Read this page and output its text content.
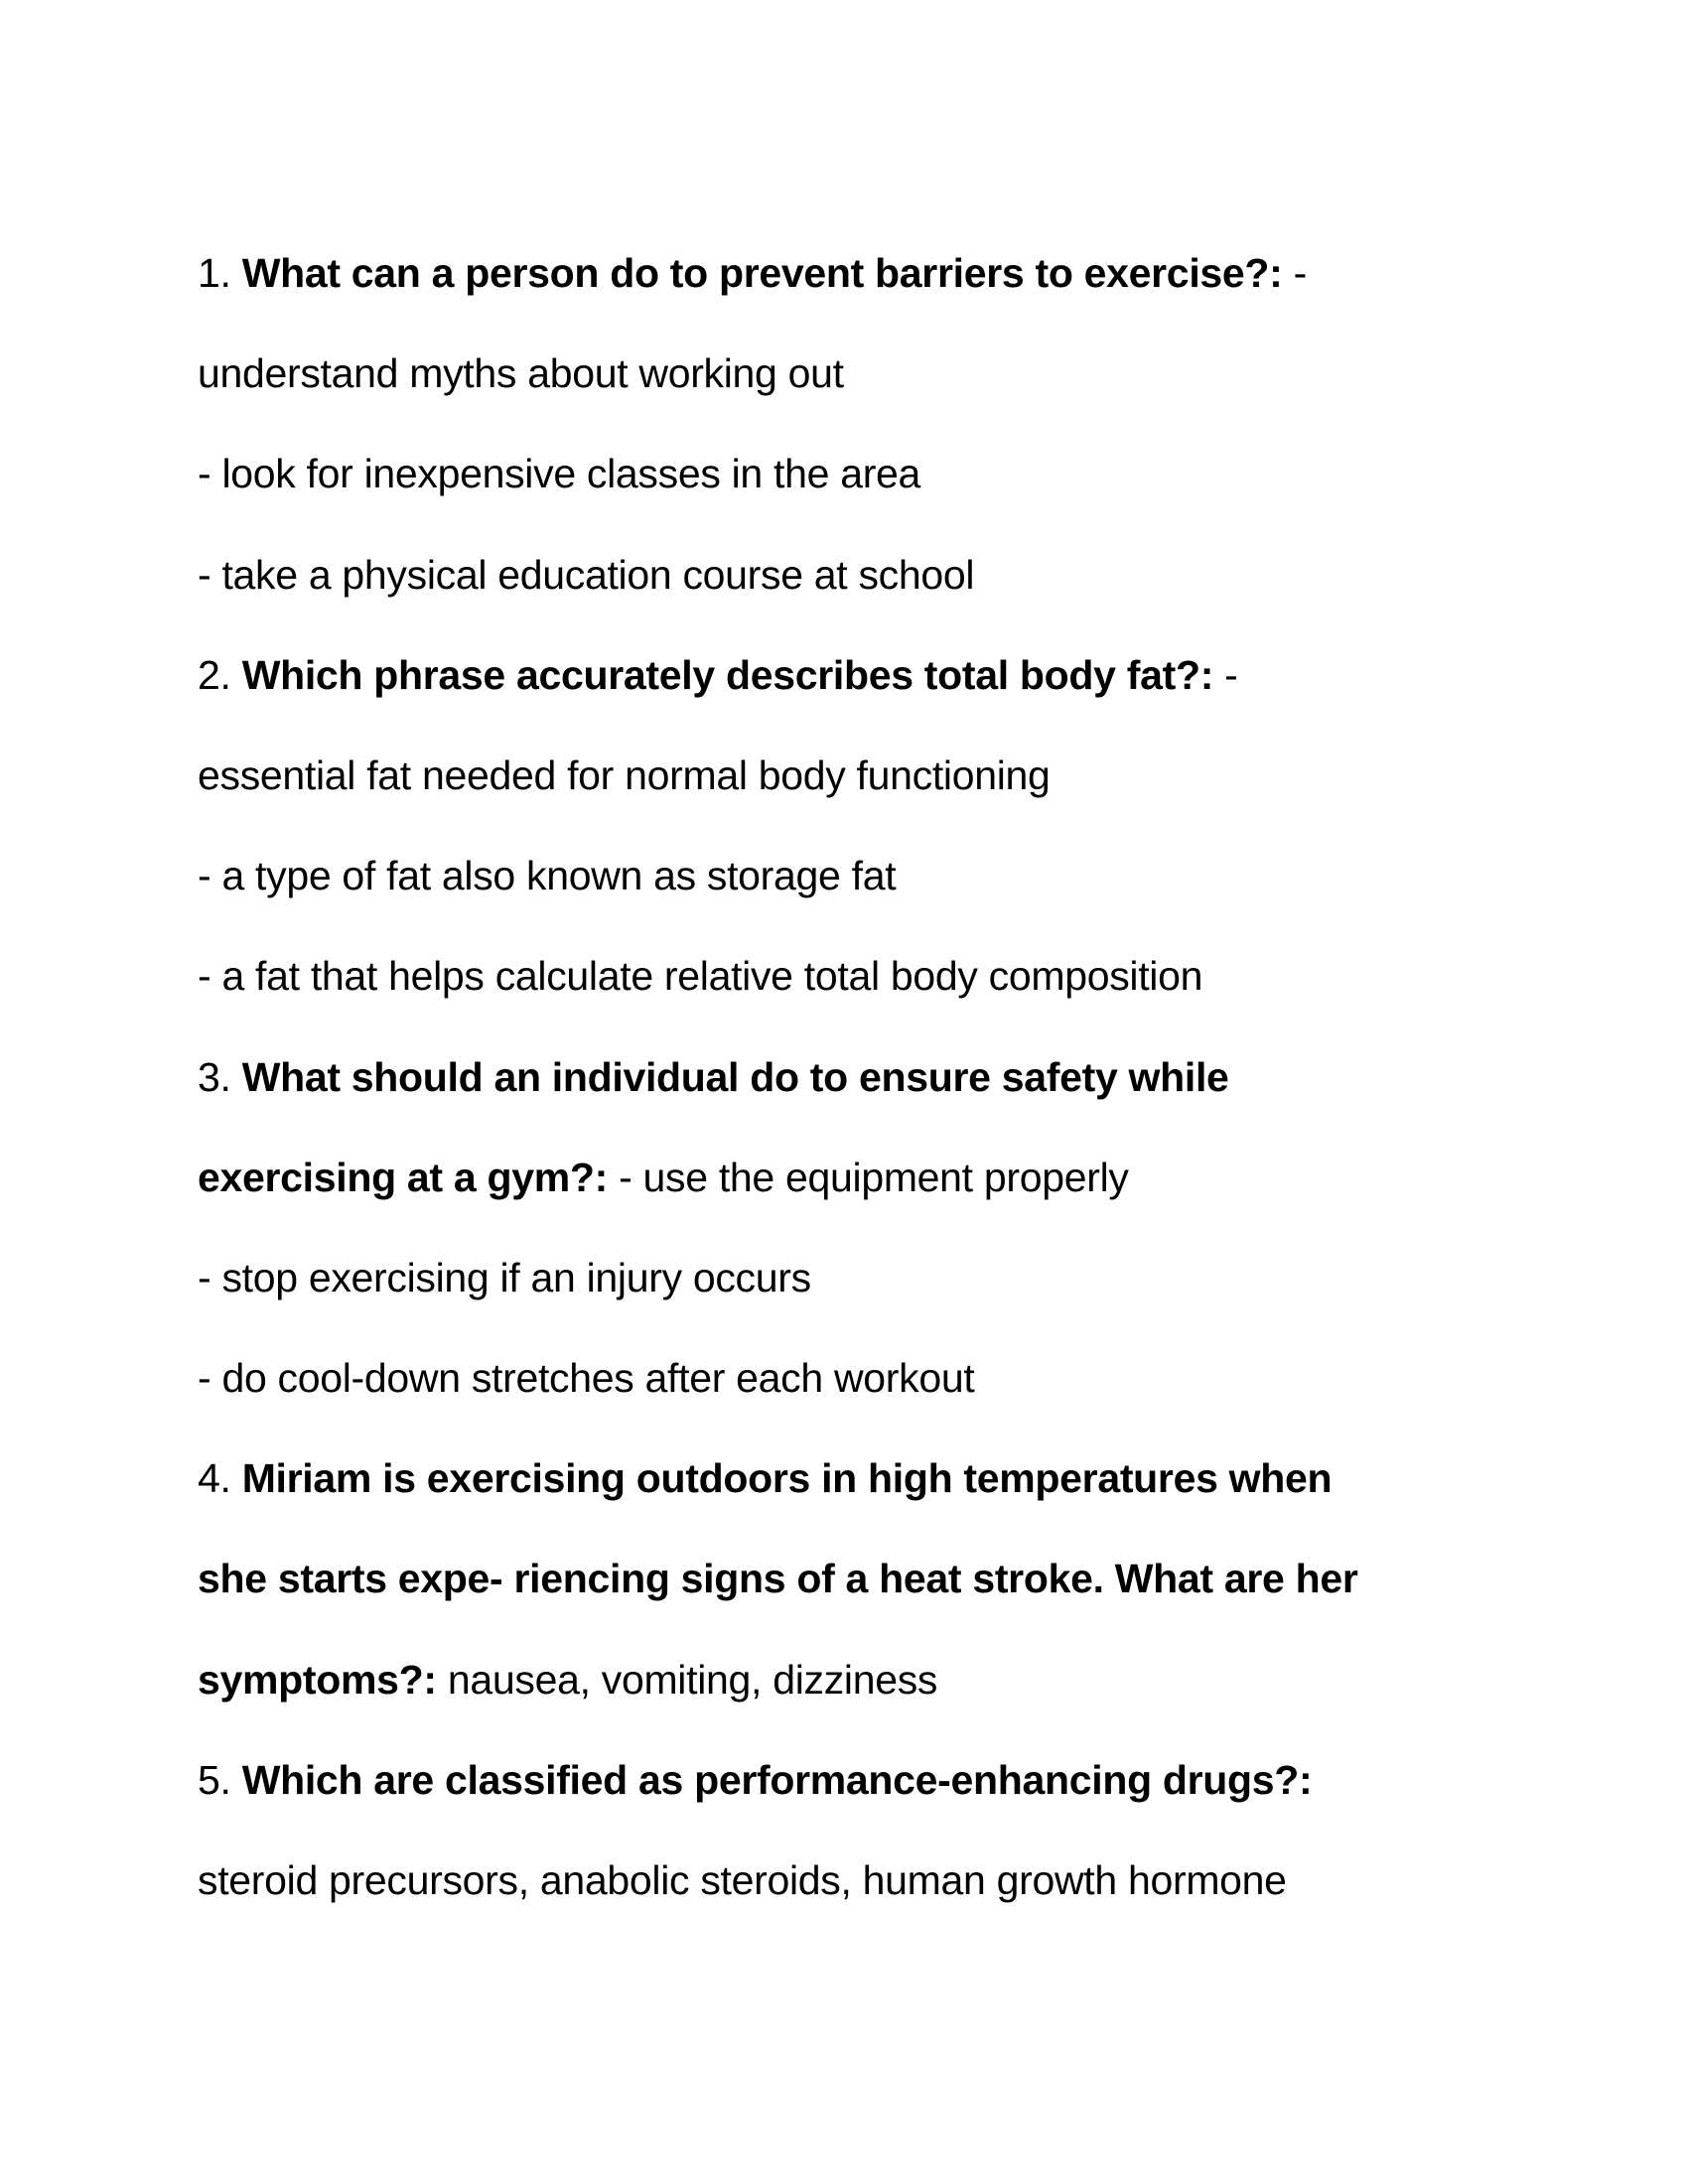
1. What can a person do to prevent barriers to exercise?: -
understand myths about working out
- look for inexpensive classes in the area
- take a physical education course at school
2. Which phrase accurately describes total body fat?: -
essential fat needed for normal body functioning
- a type of fat also known as storage fat
- a fat that helps calculate relative total body composition
3. What should an individual do to ensure safety while
exercising at a gym?: - use the equipment properly
- stop exercising if an injury occurs
- do cool-down stretches after each workout
4. Miriam is exercising outdoors in high temperatures when
she starts expe- riencing signs of a heat stroke. What are her
symptoms?: nausea, vomiting, dizziness
5. Which are classified as performance-enhancing drugs?:
steroid precursors, anabolic steroids, human growth hormone
